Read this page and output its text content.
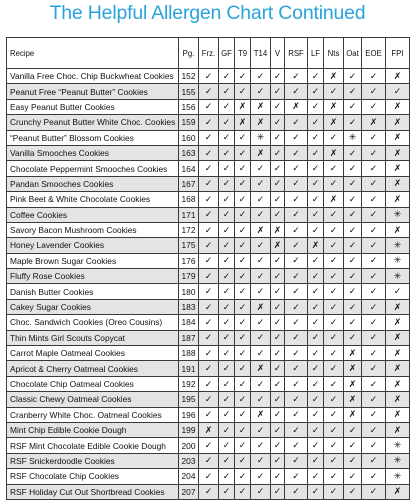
The Helpful Allergen Chart Continued
Recipe	Pg.	Frz.	GF	T9	T14	V	RSF	LF	Nts	Oat	EOE	FPI
Vanilla Free Choc. Chip Buckwheat Cookies	152	✓	✓	✓	✓	✓	✓	✓	✗	✓	✓	✗
Peanut Free “Peanut Butter” Cookies	155	✓	✓	✓	✓	✓	✓	✓	✓	✓	✓	✓
Easy Peanut Butter Cookies	156	✓	✓	✗	✗	✓	✗	✓	✗	✓	✓	✗
Crunchy Peanut Butter White Choc. Cookies	159	✓	✓	✗	✗	✓	✓	✓	✗	✓	✗	✗
“Peanut Butter” Blossom Cookies	160	✓	✓	✓	✳	✓	✓	✓	✓	✳	✓	✗
Vanilla Smooches Cookies	163	✓	✓	✓	✗	✓	✓	✓	✗	✓	✓	✗
Chocolate Peppermint Smooches Cookies	164	✓	✓	✓	✓	✓	✓	✓	✓	✓	✓	✗
Pandan Smooches Cookies	167	✓	✓	✓	✓	✓	✓	✓	✓	✓	✓	✗
Pink Beet & White Chocolate Cookies	168	✓	✓	✓	✓	✓	✓	✓	✗	✓	✓	✗
Coffee Cookies	171	✓	✓	✓	✓	✓	✓	✓	✓	✓	✓	✳
Savory Bacon Mushroom Cookies	172	✓	✓	✓	✗	✗	✓	✓	✓	✓	✓	✗
Honey Lavender Cookies	175	✓	✓	✓	✓	✗	✓	✗	✓	✓	✓	✳
Maple Brown Sugar Cookies	176	✓	✓	✓	✓	✓	✓	✓	✓	✓	✓	✳
Fluffy Rose Cookies	179	✓	✓	✓	✓	✓	✓	✓	✓	✓	✓	✳
Danish Butter Cookies	180	✓	✓	✓	✓	✓	✓	✓	✓	✓	✓	✓
Cakey Sugar Cookies	183	✓	✓	✓	✗	✓	✓	✓	✓	✓	✓	✗
Choc. Sandwich Cookies (Oreo Cousins)	184	✓	✓	✓	✓	✓	✓	✓	✓	✓	✓	✗
Thin Mints Girl Scouts Copycat	187	✓	✓	✓	✓	✓	✓	✓	✓	✓	✓	✗
Carrot Maple Oatmeal Cookies	188	✓	✓	✓	✓	✓	✓	✓	✓	✗	✓	✗
Apricot & Cherry Oatmeal Cookies	191	✓	✓	✓	✗	✓	✓	✓	✓	✗	✓	✗
Chocolate Chip Oatmeal Cookies	192	✓	✓	✓	✓	✓	✓	✓	✓	✗	✓	✗
Classic Chewy Oatmeal Cookies	195	✓	✓	✓	✓	✓	✓	✓	✓	✗	✓	✗
Cranberry White Choc. Oatmeal Cookies	196	✓	✓	✓	✗	✓	✓	✓	✓	✗	✓	✗
Mint Chip Edible Cookie Dough	199	✗	✓	✓	✓	✓	✓	✓	✓	✓	✓	✗
RSF Mint Chocolate Edible Cookie Dough	200	✓	✓	✓	✓	✓	✓	✓	✓	✓	✓	✳
RSF Snickerdoodle Cookies	203	✓	✓	✓	✓	✓	✓	✓	✓	✓	✓	✳
RSF Chocolate Chip Cookies	204	✓	✓	✓	✓	✓	✓	✓	✓	✓	✓	✳
RSF Holiday Cut Out Shortbread Cookies	207	✓	✓	✓	✓	✓	✓	✓	✓	✓	✓	✗
